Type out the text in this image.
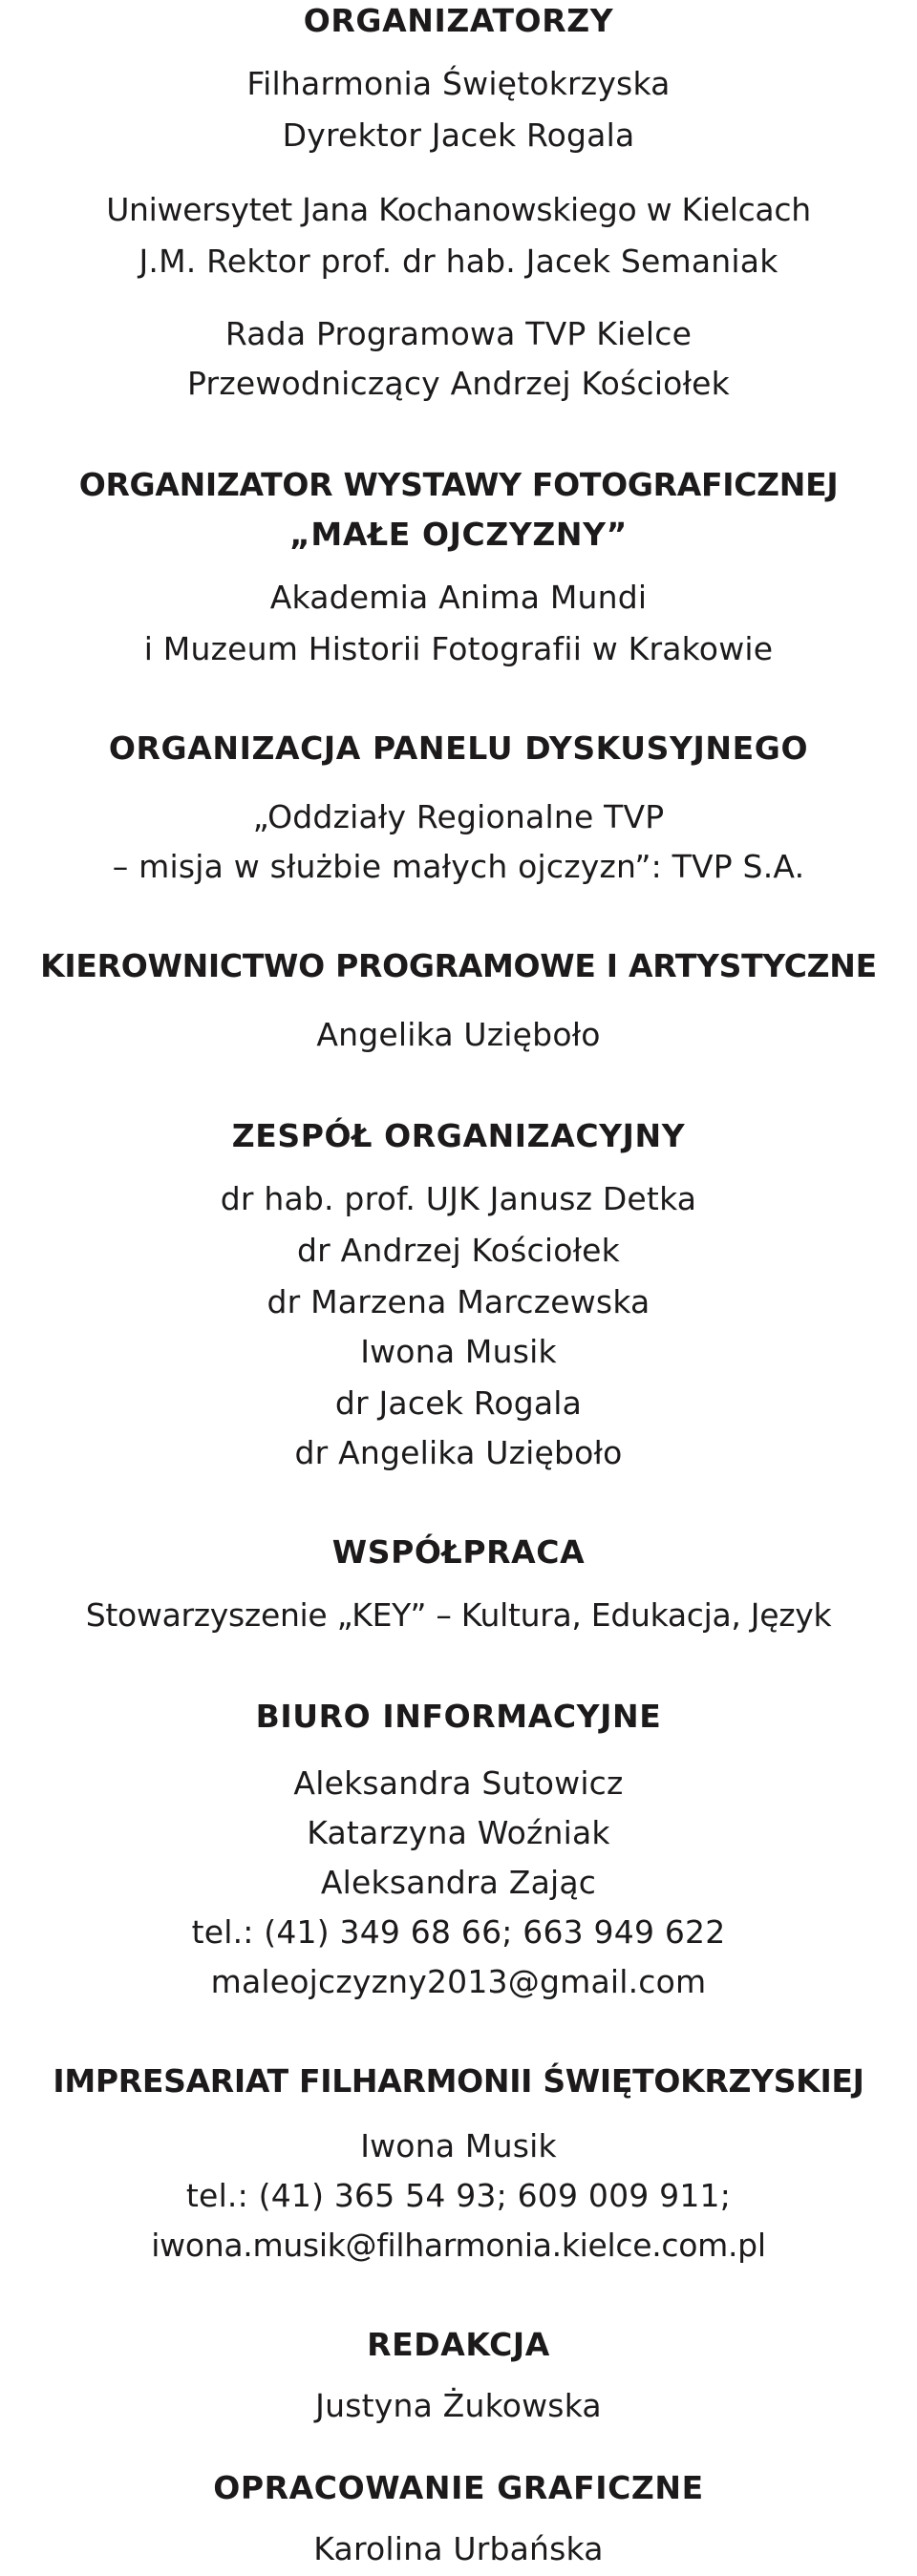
ORGANIZATORZY
Filharmonia Świętokrzyska
Dyrektor Jacek Rogala
Uniwersytet Jana Kochanowskiego w Kielcach
J.M. Rektor prof. dr hab. Jacek Semaniak
Rada Programowa TVP Kielce
Przewodniczący Andrzej Kościołek
ORGANIZATOR WYSTAWY FOTOGRAFICZNEJ
„MAŁE OJCZYZNY”
Akademia Anima Mundi
i Muzeum Historii Fotografii w Krakowie
ORGANIZACJA PANELU DYSKUSYJNEGO
„Oddziały Regionalne TVP
– misja w służbie małych ojczyzn”: TVP S.A.
KIEROWNICTWO PROGRAMOWE I ARTYSTYCZNE
Angelika Uzięboło
ZESPÓŁ ORGANIZACYJNY
dr hab. prof. UJK Janusz Detka
dr Andrzej Kościołek
dr Marzena Marczewska
Iwona Musik
dr Jacek Rogala
dr Angelika Uzięboło
WSPÓŁPRACA
Stowarzyszenie „KEY” – Kultura, Edukacja, Język
BIURO INFORMACYJNE
Aleksandra Sutowicz
Katarzyna Woźniak
Aleksandra Zając
tel.: (41) 349 68 66; 663 949 622
maleojczyzny2013@gmail.com
IMPRESARIAT FILHARMONII ŚWIĘTOKRZYSKIEJ
Iwona Musik
tel.: (41) 365 54 93; 609 009 911;
iwona.musik@filharmonia.kielce.com.pl
REDAKCJA
Justyna Żukowska
OPRACOWANIE GRAFICZNE
Karolina Urbańska
